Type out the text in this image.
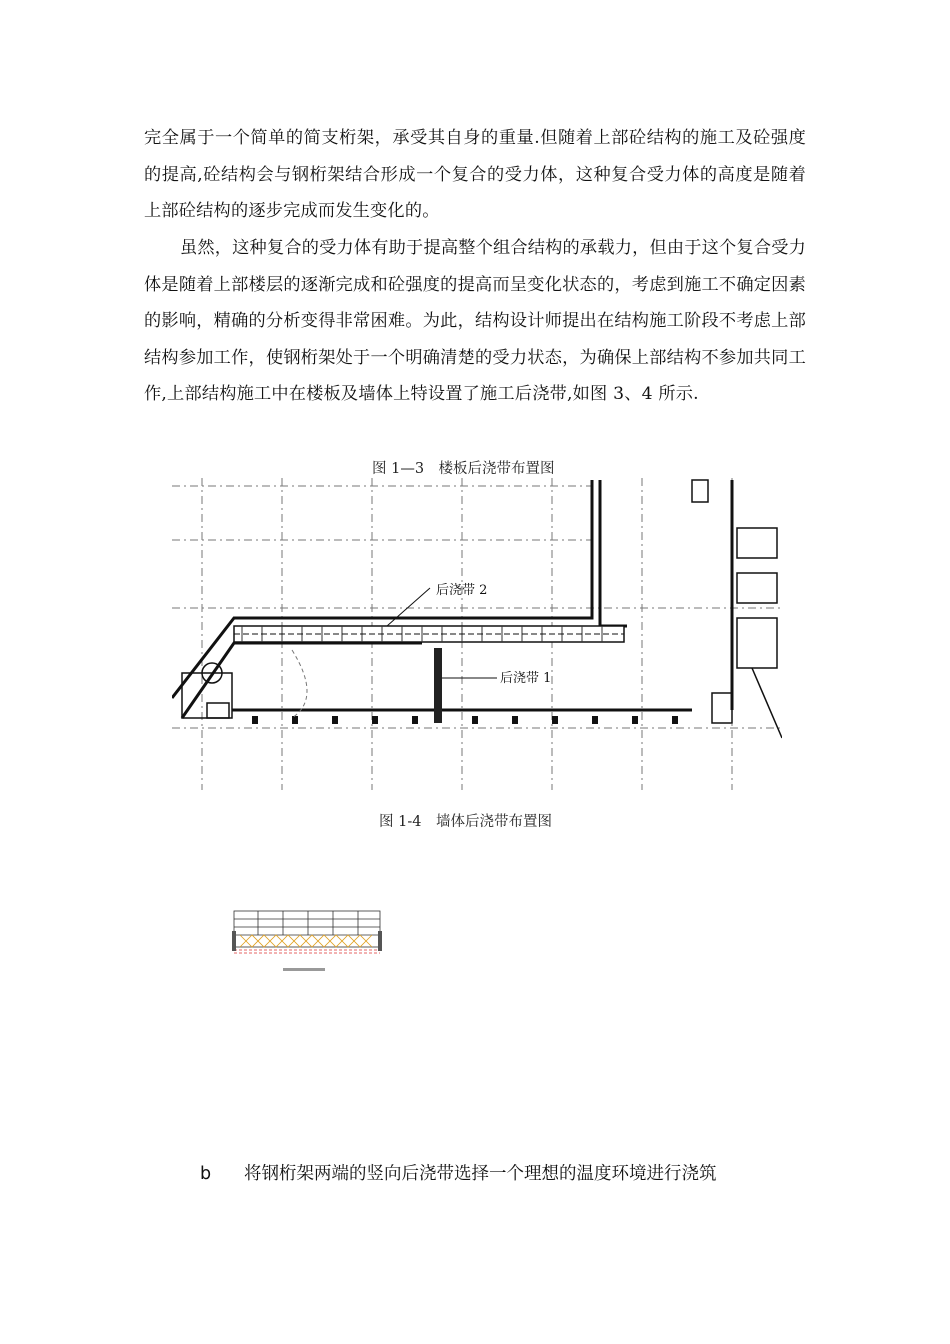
完全属于一个简单的简支桁架，承受其自身的重量.但随着上部砼结构的施工及砼强度的提高,砼结构会与钢桁架结合形成一个复合的受力体，这种复合受力体的高度是随着上部砼结构的逐步完成而发生变化的。

虽然，这种复合的受力体有助于提高整个组合结构的承载力，但由于这个复合受力体是随着上部楼层的逐渐完成和砼强度的提高而呈变化状态的，考虑到施工不确定因素的影响，精确的分析变得非常困难。为此，结构设计师提出在结构施工阶段不考虑上部结构参加工作，使钢桁架处于一个明确清楚的受力状态，为确保上部结构不参加共同工作,上部结构施工中在楼板及墙体上特设置了施工后浇带,如图 3、4 所示.

图 1—3　楼板后浇带布置图

后浇带 2
后浇带 1

图 1-4　墙体后浇带布置图

b 将钢桁架两端的竖向后浇带选择一个理想的温度环境进行浇筑
